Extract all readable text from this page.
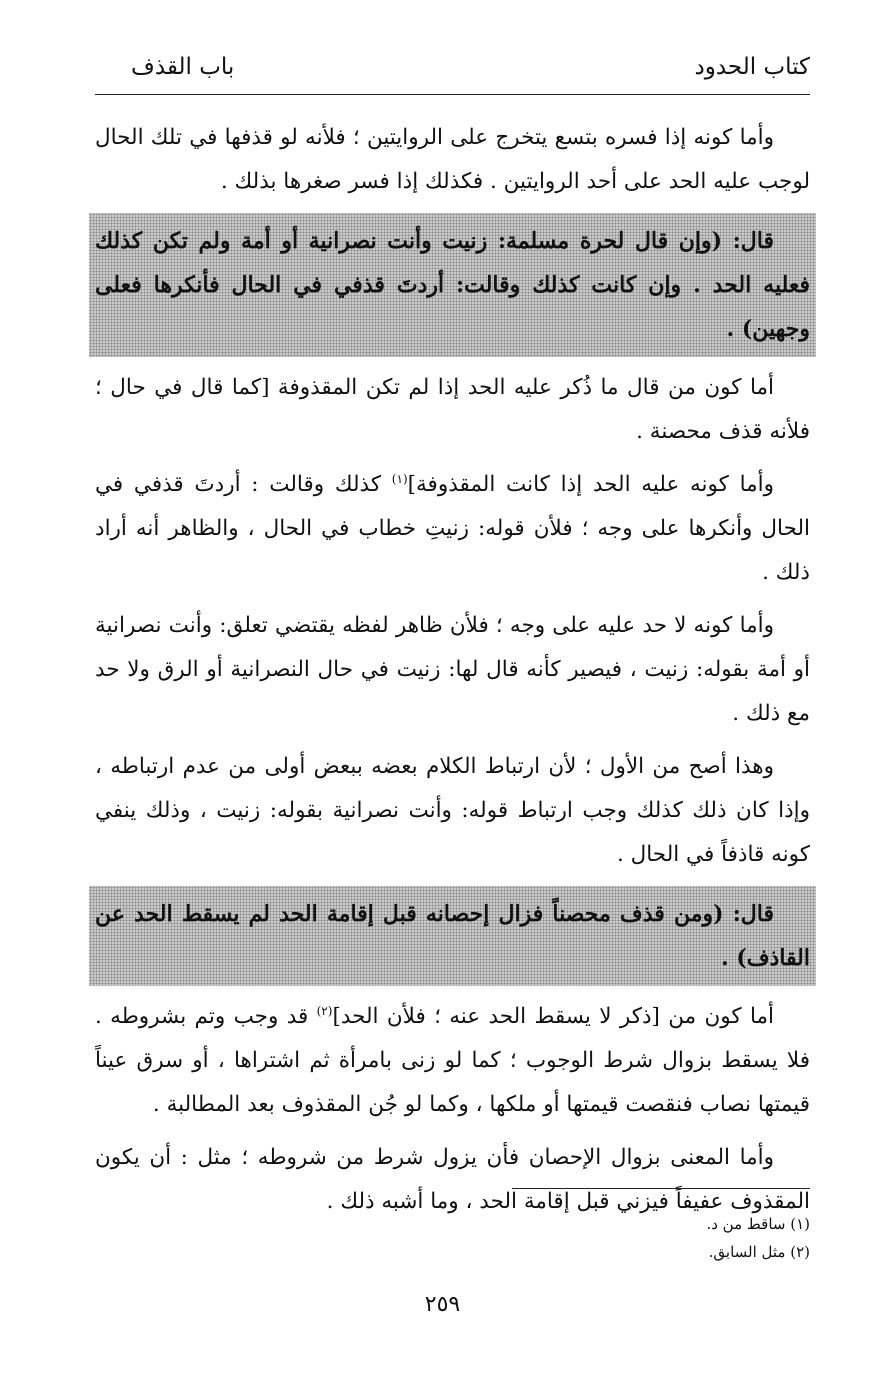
كتاب الحدود
باب القذف

وأما كونه إذا فسره بتسع يتخرج على الروايتين ؛ فلأنه لو قذفها في تلك الحال لوجب عليه الحد على أحد الروايتين . فكذلك إذا فسر صغرها بذلك .

قال: (وإن قال لحرة مسلمة: زنيت وأنت نصرانية أو أمة ولم تكن كذلك فعليه الحد . وإن كانت كذلك وقالت: أردتَ قذفي في الحال فأنكرها فعلى وجهين) .

أما كون من قال ما ذُكر عليه الحد إذا لم تكن المقذوفة [كما قال في حال ؛ فلأنه قذف محصنة .

وأما كونه عليه الحد إذا كانت المقذوفة]$^{(١)}$ كذلك وقالت : أردتَ قذفي في الحال وأنكرها على وجه ؛ فلأن قوله: زنيتِ خطاب في الحال ، والظاهر أنه أراد ذلك .

وأما كونه لا حد عليه على وجه ؛ فلأن ظاهر لفظه يقتضي تعلق: وأنت نصرانية أو أمة بقوله: زنيت ، فيصير كأنه قال لها: زنيت في حال النصرانية أو الرق ولا حد مع ذلك .

وهذا أصح من الأول ؛ لأن ارتباط الكلام بعضه ببعض أولى من عدم ارتباطه ، وإذا كان ذلك كذلك وجب ارتباط قوله: وأنت نصرانية بقوله: زنيت ، وذلك ينفي كونه قاذفاً في الحال .

قال: (ومن قذف محصناً فزال إحصانه قبل إقامة الحد لم يسقط الحد عن القاذف) .

أما كون من [ذكر لا يسقط الحد عنه ؛ فلأن الحد]$^{(٢)}$ قد وجب وتم بشروطه . فلا يسقط بزوال شرط الوجوب ؛ كما لو زنى بامرأة ثم اشتراها ، أو سرق عيناً قيمتها نصاب فنقصت قيمتها أو ملكها ، وكما لو جُن المقذوف بعد المطالبة .

وأما المعنى بزوال الإحصان فأن يزول شرط من شروطه ؛ مثل : أن يكون المقذوف عفيفاً فيزني قبل إقامة الحد ، وما أشبه ذلك .

(١) ساقط من د.

(٢) مثل السابق.

٢٥٩
